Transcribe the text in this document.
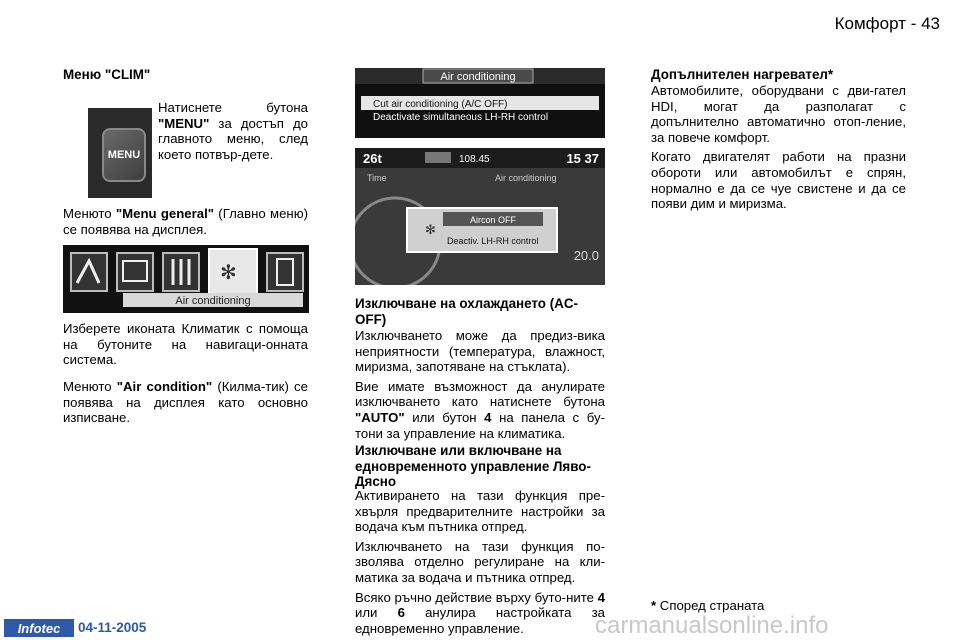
Комфорт - 43
Меню "CLIM"
MENU

Натиснете бутона "MENU" за достъп до главното меню, след което потвър-дете.

Менюто "Menu general" (Главно меню) се появява на дисплея.

✻
Air conditioning

Изберете иконата Климатик с помоща на бутоните на навигаци-онната система.

Менюто "Air condition" (Килма-тик) се появява на дисплея като основно изписване.

Air conditioning
Cut air conditioning (A/C OFF)
Deactivate simultaneous LH-RH control
26t	108.45	15 37
Time	Air conditioning
✻
Aircon OFF
Deactiv. LH-RH control
20.0
Изключване на охлаждането (AC-OFF)

Изключването може да предиз-вика неприятности (температура, влажност, миризма, запотяване на стъклата).

Вие имате възможност да анулирате изключването като натиснете бутона "AUTO" или бутон 4 на панела с бу-тони за управление на климатика.

Изключване или включване на едновременното управление Ляво-Дясно

Активирането на тази функция пре-хвърля предварителните настройки за водача към пътника отпред.

Изключването на тази функция по-зволява отделно регулиране на кли-матика за водача и пътника отпред.

Всяко ръчно действие върху буто-ните 4 или 6 анулира настройката за едновременно управление.

Допълнителен нагревател*

Автомобилите, оборудвани с дви-гател HDI, могат да разполагат с допълнително автоматично отоп-ление, за повече комфорт.

Когато двигателят работи на празни обороти или автомобилът е спрян, нормално е да се чуе свистене и да се появи дим и миризма.

* Според страната

Infotec	04-11-2005	carmanualsonline.info
